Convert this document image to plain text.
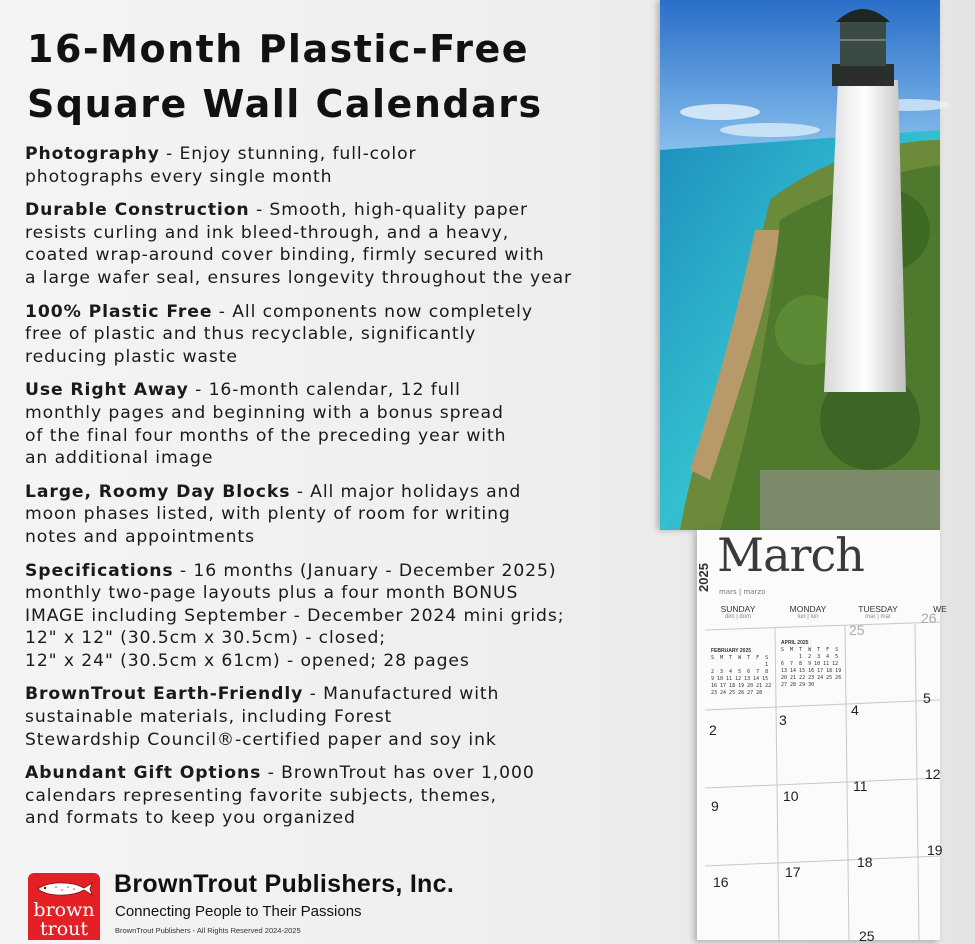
16-Month Plastic-Free
Square Wall Calendars

Photography - Enjoy stunning, full-color
photographs every single month

Durable Construction - Smooth, high-quality paper
resists curling and ink bleed-through, and a heavy,
coated wrap-around cover binding, firmly secured with
a large wafer seal, ensures longevity throughout the year

100% Plastic Free - All components now completely
free of plastic and thus recyclable, significantly
reducing plastic waste

Use Right Away - 16-month calendar, 12 full
monthly pages and beginning with a bonus spread
of the final four months of the preceding year with
an additional image

Large, Roomy Day Blocks - All major holidays and
moon phases listed, with plenty of room for writing
notes and appointments

Specifications - 16 months (January - December 2025)
monthly two-page layouts plus a four month BONUS
IMAGE including September - December 2024 mini grids;
12" x 12" (30.5cm x 30.5cm) - closed;
12" x 24" (30.5cm x 61cm) - opened; 28 pages

BrownTrout Earth-Friendly - Manufactured with
sustainable materials, including Forest
Stewardship Council®-certified paper and soy ink

Abundant Gift Options - BrownTrout has over 1,000
calendars representing favorite subjects, themes,
and formats to keep you organized

brown
trout
BrownTrout Publishers, Inc.
Connecting People to Their Passions
BrownTrout Publishers - All Rights Reserved 2024-2025
2025 March
mars | marzo
SUNDAY
dim | dom
MONDAY
lun | lun
TUESDAY
mar | mar
WE
FEBRUARY 2025
S  M  T  W  T  F  S
1
2  3  4  5  6  7  8
9 10 11 12 13 14 15
16 17 18 19 20 21 22
23 24 25 26 27 28
APRIL 2025
S  M  T  W  T  F  S
1  2  3  4  5
6  7  8  9 10 11 12
13 14 15 16 17 18 19
20 21 22 23 24 25 26
27 28 29 30
25
26
2
3
4
5
9
10
11
12
16
17
18
19
25
